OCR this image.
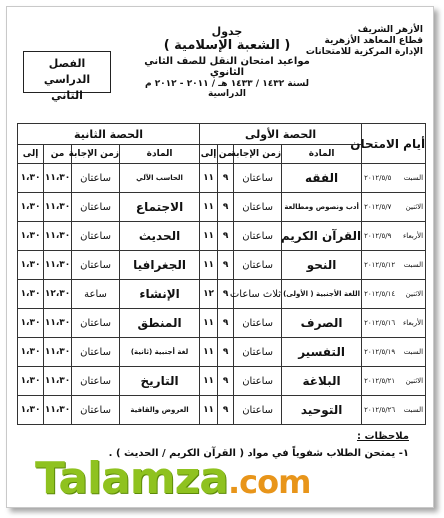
الأزهر الشريف
قطاع المعاهد الأزهرية
الإدارة المركزية للامتحانات
جدول
( الشعبة الإسلامية )
مواعيد امتحان النقل للصف الثاني الثانوي
لسنة ١٤٣٢ / ١٤٣٣ هـ / ٢٠١١ - ٢٠١٢ م الدراسية
الفصل الدراسي
الثاني
أيام الامتحان	الحصة الأولى				الحصة الثانية			
	المادة	زمن الإجابة	من	إلى	المادة	زمن الإجابة	من	إلى

السبت
٢٠١٢/٥/٥	الفقه	ساعتان	٩	١١	الحاسب الآلي	ساعتان	١١،٣٠	١،٣٠

الاثنين
٢٠١٢/٥/٧	أدب ونصوص ومطالعة	ساعتان	٩	١١	الاجتماع	ساعتان	١١،٣٠	١،٣٠

الأربعاء
٢٠١٢/٥/٩	القرآن الكريم	ساعتان	٩	١١	الحديث	ساعتان	١١،٣٠	١،٣٠

السبت
٢٠١٢/٥/١٢	النحو	ساعتان	٩	١١	الجغرافيا	ساعتان	١١،٣٠	١،٣٠

الاثنين
٢٠١٢/٥/١٤	اللغة الأجنبية ( الأولى)	ثلاث ساعات	٩	١٢	الإنشاء	ساعة	١٢،٣٠	١،٣٠

الأربعاء
٢٠١٢/٥/١٦	الصرف	ساعتان	٩	١١	المنطق	ساعتان	١١،٣٠	١،٣٠

السبت
٢٠١٢/٥/١٩	التفسير	ساعتان	٩	١١	لغة أجنبية (ثانية)	ساعتان	١١،٣٠	١،٣٠

الاثنين
٢٠١٢/٥/٢١	البلاغة	ساعتان	٩	١١	التاريخ	ساعتان	١١،٣٠	١،٣٠

السبت
٢٠١٢/٥/٢٦	التوحيد	ساعتان	٩	١١	العروض والقافية	ساعتان	١١،٣٠	١،٣٠
ملاحظات :
١- يمتحن الطلاب شفوياً في مواد ( القرآن الكريم / الحديث ) .
Talamza.com
